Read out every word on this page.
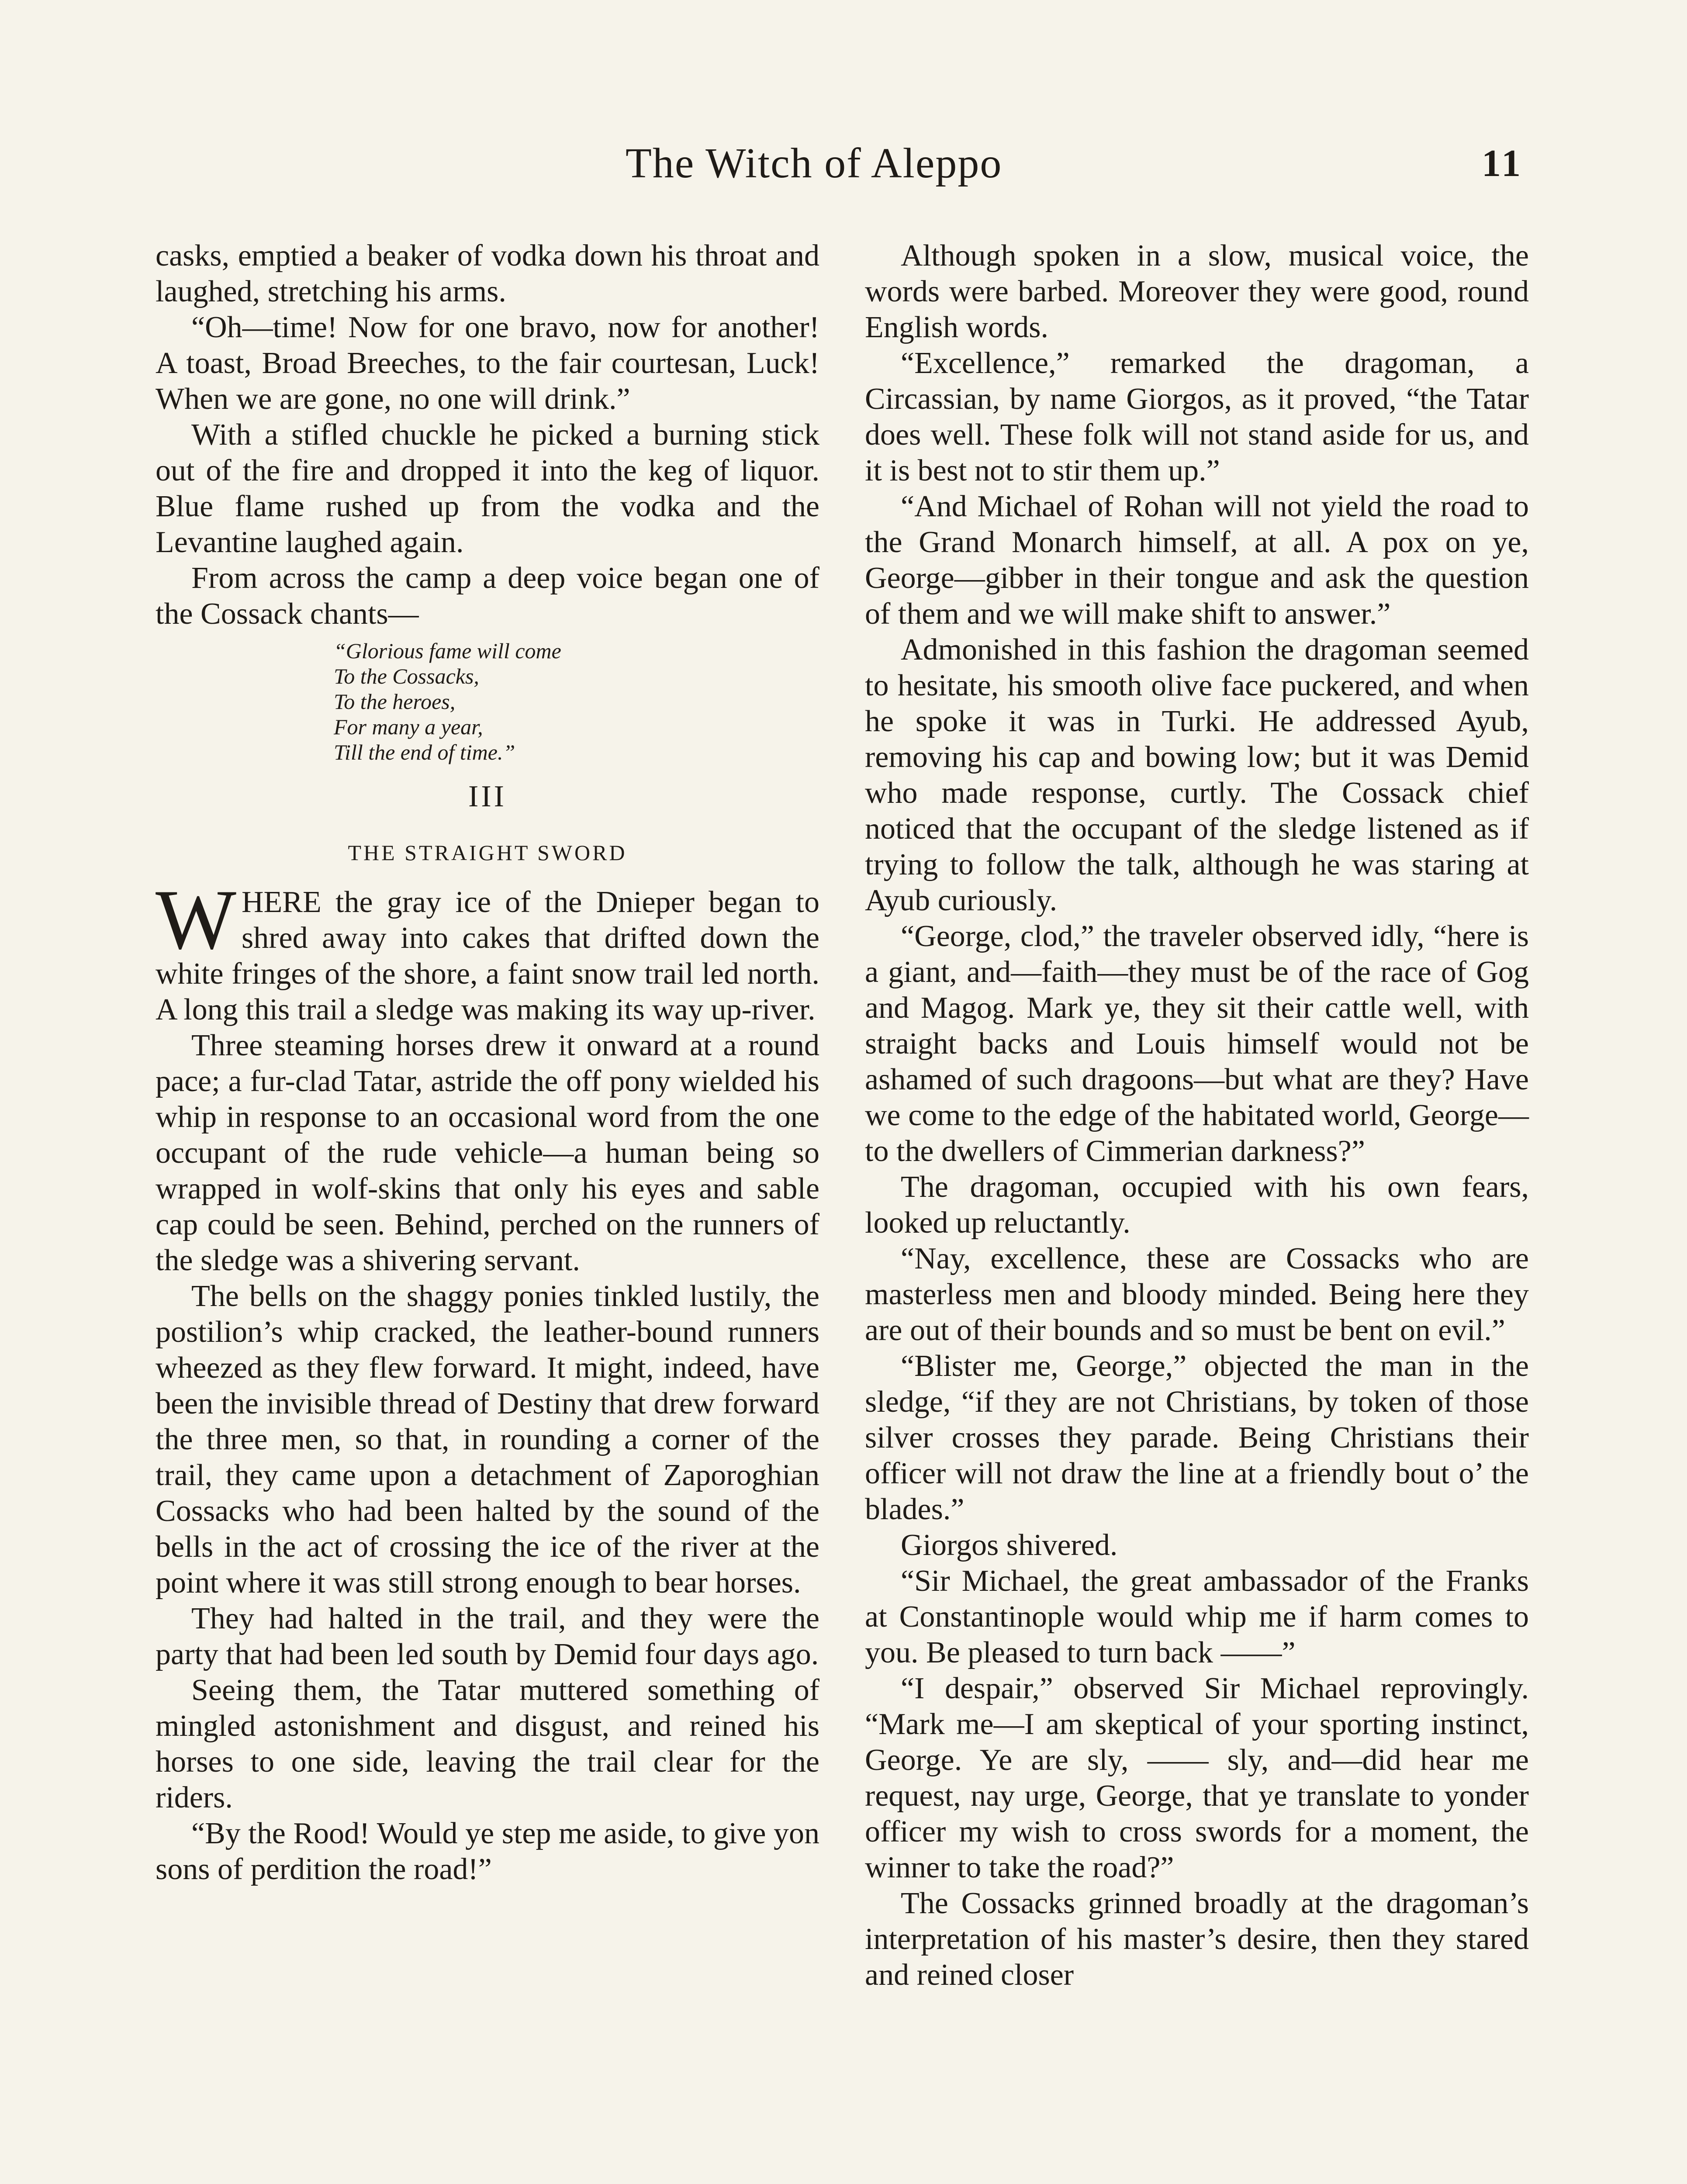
The Witch of Aleppo	11

casks, emptied a beaker of vodka down his throat and laughed, stretching his arms.

“Oh—time! Now for one bravo, now for another! A toast, Broad Breeches, to the fair courtesan, Luck! When we are gone, no one will drink.”

With a stifled chuckle he picked a burning stick out of the fire and dropped it into the keg of liquor. Blue flame rushed up from the vodka and the Levantine laughed again.

From across the camp a deep voice began one of the Cossack chants—

“Glorious fame will come
To the Cossacks,
To the heroes,
For many a year,
Till the end of time.”
III
THE STRAIGHT SWORD

WHERE the gray ice of the Dnieper began to shred away into cakes that drifted down the white fringes of the shore, a faint snow trail led north. A long this trail a sledge was making its way up-river.

Three steaming horses drew it onward at a round pace; a fur-clad Tatar, astride the off pony wielded his whip in response to an occasional word from the one occupant of the rude vehicle—a human being so wrapped in wolf-skins that only his eyes and sable cap could be seen. Behind, perched on the runners of the sledge was a shivering servant.

The bells on the shaggy ponies tinkled lustily, the postilion’s whip cracked, the leather-bound runners wheezed as they flew forward. It might, indeed, have been the invisible thread of Destiny that drew forward the three men, so that, in rounding a corner of the trail, they came upon a detachment of Zaporoghian Cossacks who had been halted by the sound of the bells in the act of crossing the ice of the river at the point where it was still strong enough to bear horses.

They had halted in the trail, and they were the party that had been led south by Demid four days ago.

Seeing them, the Tatar muttered something of mingled astonishment and disgust, and reined his horses to one side, leaving the trail clear for the riders.

“By the Rood! Would ye step me aside, to give yon sons of perdition the road!”

Although spoken in a slow, musical voice, the words were barbed. Moreover they were good, round English words.

“Excellence,” remarked the dragoman, a Circassian, by name Giorgos, as it proved, “the Tatar does well. These folk will not stand aside for us, and it is best not to stir them up.”

“And Michael of Rohan will not yield the road to the Grand Monarch himself, at all. A pox on ye, George—gibber in their tongue and ask the question of them and we will make shift to answer.”

Admonished in this fashion the dragoman seemed to hesitate, his smooth olive face puckered, and when he spoke it was in Turki. He addressed Ayub, removing his cap and bowing low; but it was Demid who made response, curtly. The Cossack chief noticed that the occupant of the sledge listened as if trying to follow the talk, although he was staring at Ayub curiously.

“George, clod,” the traveler observed idly, “here is a giant, and—faith—they must be of the race of Gog and Magog. Mark ye, they sit their cattle well, with straight backs and Louis himself would not be ashamed of such dragoons—but what are they? Have we come to the edge of the habitated world, George—to the dwellers of Cimmerian darkness?”

The dragoman, occupied with his own fears, looked up reluctantly.

“Nay, excellence, these are Cossacks who are masterless men and bloody minded. Being here they are out of their bounds and so must be bent on evil.”

“Blister me, George,” objected the man in the sledge, “if they are not Christians, by token of those silver crosses they parade. Being Christians their officer will not draw the line at a friendly bout o’ the blades.”

Giorgos shivered.

“Sir Michael, the great ambassador of the Franks at Constantinople would whip me if harm comes to you. Be pleased to turn back ——”

“I despair,” observed Sir Michael reprovingly. “Mark me—I am skeptical of your sporting instinct, George. Ye are sly, —— sly, and—did hear me request, nay urge, George, that ye translate to yonder officer my wish to cross swords for a moment, the winner to take the road?”

The Cossacks grinned broadly at the dragoman’s interpretation of his master’s desire, then they stared and reined closer
